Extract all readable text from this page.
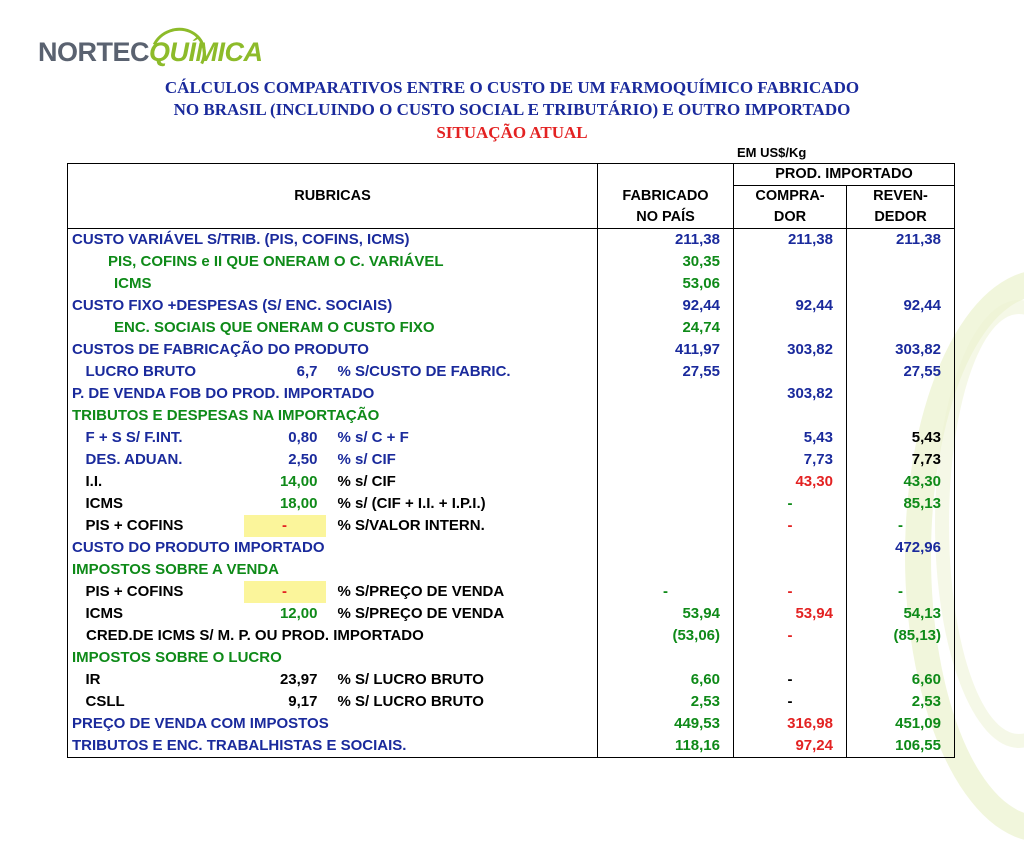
NORTECQUÍMICA
CÁLCULOS COMPARATIVOS ENTRE O CUSTO DE UM FARMOQUÍMICO FABRICADO
NO BRASIL (INCLUINDO O CUSTO SOCIAL E TRIBUTÁRIO) E OUTRO IMPORTADO
SITUAÇÃO ATUAL
EM US$/Kg
						PROD. IMPORTADO	
RUBRICAS					FABRICADO	COMPRA-	REVEN-
					NO PAÍS	DOR	DEDOR
CUSTO VARIÁVEL S/TRIB. (PIS, COFINS, ICMS)					211,38	211,38	211,38
PIS, COFINS e II QUE ONERAM O C. VARIÁVEL					30,35		
ICMS					53,06		
CUSTO FIXO +DESPESAS (S/ ENC. SOCIAIS)					92,44	92,44	92,44
ENC. SOCIAIS QUE ONERAM O CUSTO FIXO					24,74		
CUSTOS DE FABRICAÇÃO DO PRODUTO					411,97	303,82	303,82
	LUCRO BRUTO	6,7		% S/CUSTO DE FABRIC.	27,55		27,55
P. DE VENDA FOB DO PROD. IMPORTADO						303,82	
TRIBUTOS E DESPESAS NA IMPORTAÇÃO							
	F + S S/ F.INT.	0,80		% s/ C + F		5,43	5,43
	DES. ADUAN.	2,50		% s/ CIF		7,73	7,73
	I.I.	14,00		% s/ CIF		43,30	43,30
	ICMS	18,00		% s/ (CIF + I.I. + I.P.I.)		-	85,13
	PIS + COFINS	-		% S/VALOR INTERN.		-	-
CUSTO DO PRODUTO IMPORTADO							472,96
IMPOSTOS SOBRE A VENDA							
	PIS + COFINS	-		% S/PREÇO DE VENDA	-	-	-
	ICMS	12,00		% S/PREÇO DE VENDA	53,94	53,94	54,13
CRED.DE ICMS S/ M. P. OU PROD. IMPORTADO					(53,06)	-	(85,13)
IMPOSTOS SOBRE O LUCRO							
	IR	23,97		% S/ LUCRO BRUTO	6,60	-	6,60
	CSLL	9,17		% S/ LUCRO BRUTO	2,53	-	2,53
PREÇO DE VENDA COM IMPOSTOS					449,53	316,98	451,09
TRIBUTOS E ENC. TRABALHISTAS E SOCIAIS.					118,16	97,24	106,55
